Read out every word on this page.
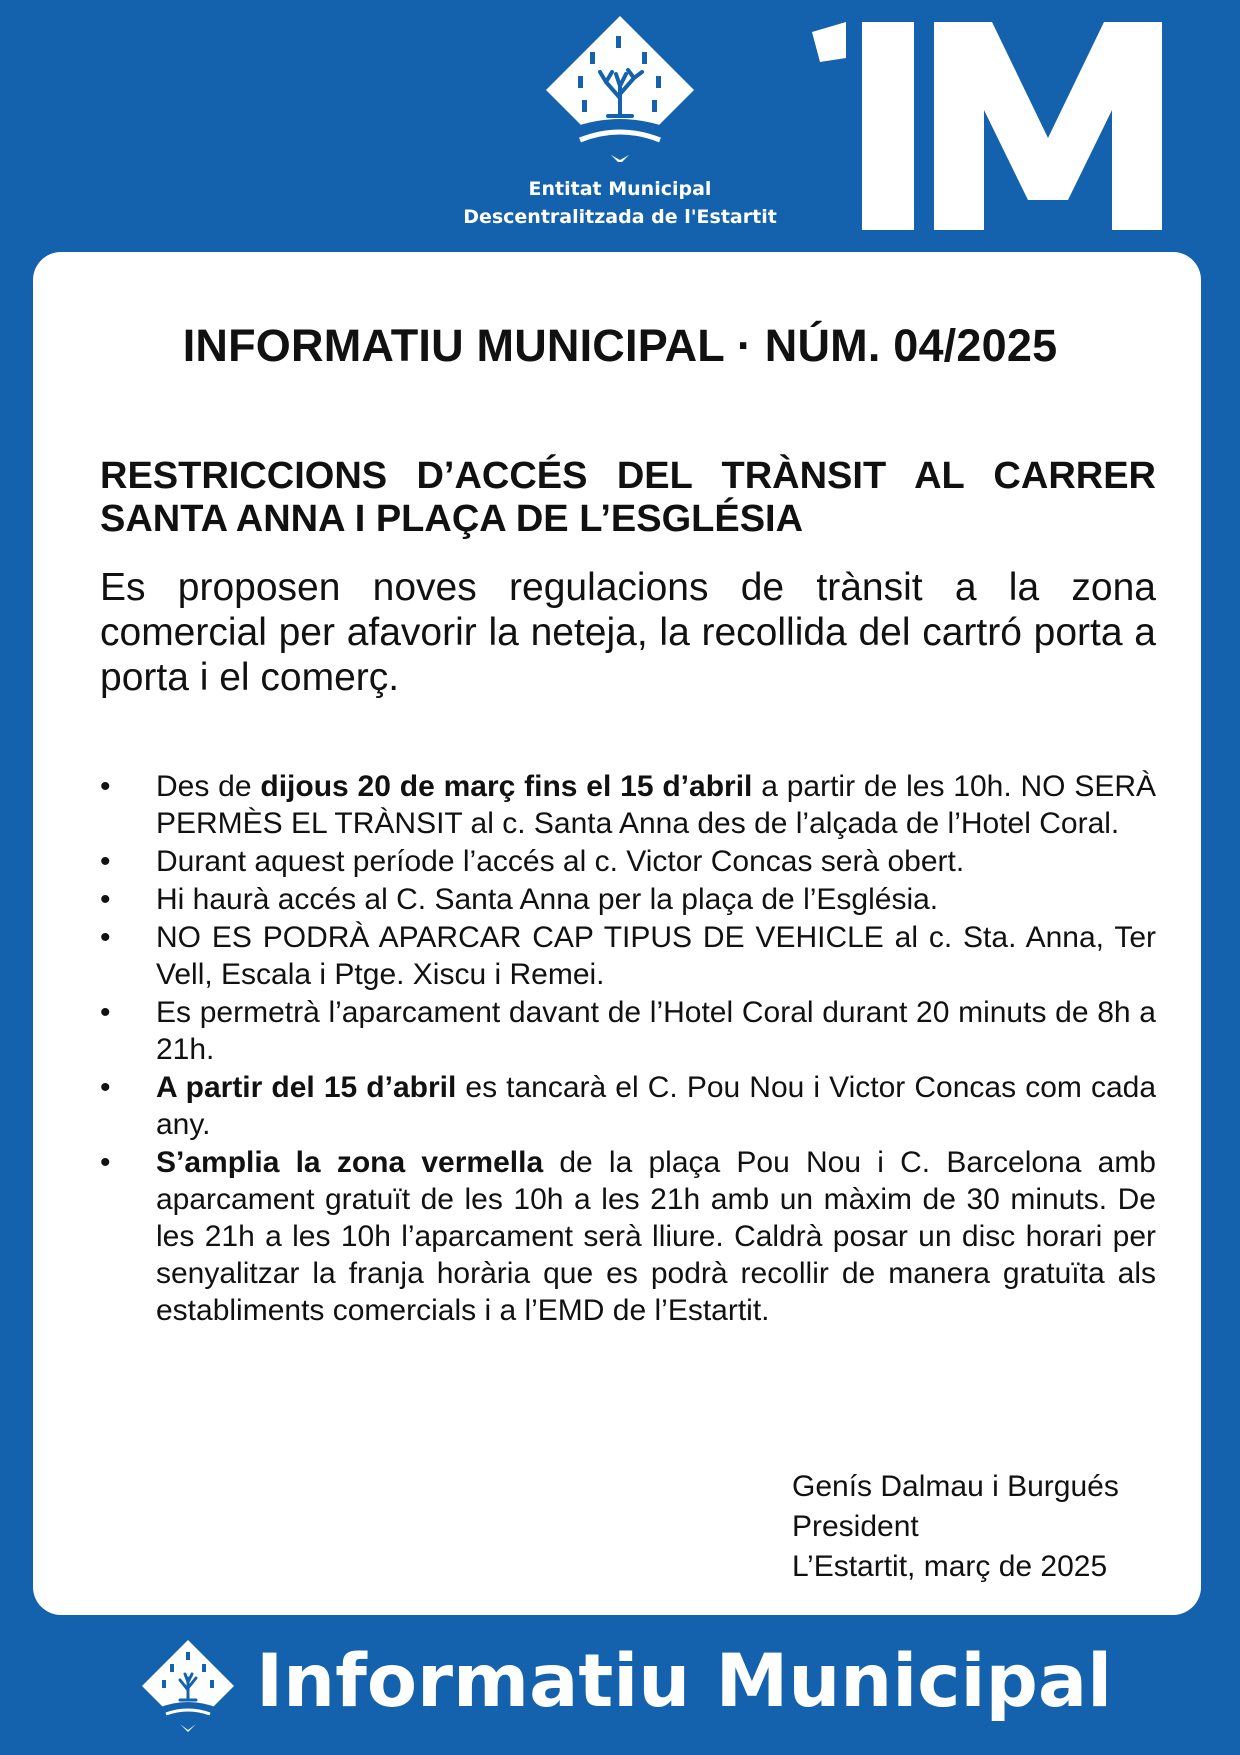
Entitat Municipal
Descentralitzada de l'Estartit
INFORMATIU MUNICIPAL · NÚM. 04/2025
RESTRICCIONS D’ACCÉS DEL TRÀNSIT AL CARRER SANTA ANNA I PLAÇA DE L’ESGLÉSIA

Es proposen noves regulacions de trànsit a la zona comercial per afavorir la neteja, la recollida del cartró porta a porta i el comerç.

•	Des de dijous 20 de març fins el 15 d’abril a partir de les 10h. NO SERÀ PERMÈS EL TRÀNSIT al c. Santa Anna des de l’alçada de l’Hotel Coral.
•	Durant aquest període l’accés al c. Victor Concas serà obert.
•	Hi haurà accés al C. Santa Anna per la plaça de l’Església.
•	NO ES PODRÀ APARCAR CAP TIPUS DE VEHICLE al c. Sta. Anna, Ter Vell, Escala i Ptge. Xiscu i Remei.
•	Es permetrà l’aparcament davant de l’Hotel Coral durant 20 minuts de 8h a 21h.
•	A partir del 15 d’abril es tancarà el C. Pou Nou i Victor Concas com cada any.
•	S’amplia la zona vermella de la plaça Pou Nou i C. Barcelona amb aparcament gratuït de les 10h a les 21h amb un màxim de 30 minuts. De les 21h a les 10h l’aparcament serà lliure. Caldrà posar un disc horari per senyalitzar la franja horària que es podrà recollir de manera gratuïta als establiments comercials i a l’EMD de l’Estartit.
Genís Dalmau i Burgués
President
L’Estartit, març de 2025
Informatiu Municipal
